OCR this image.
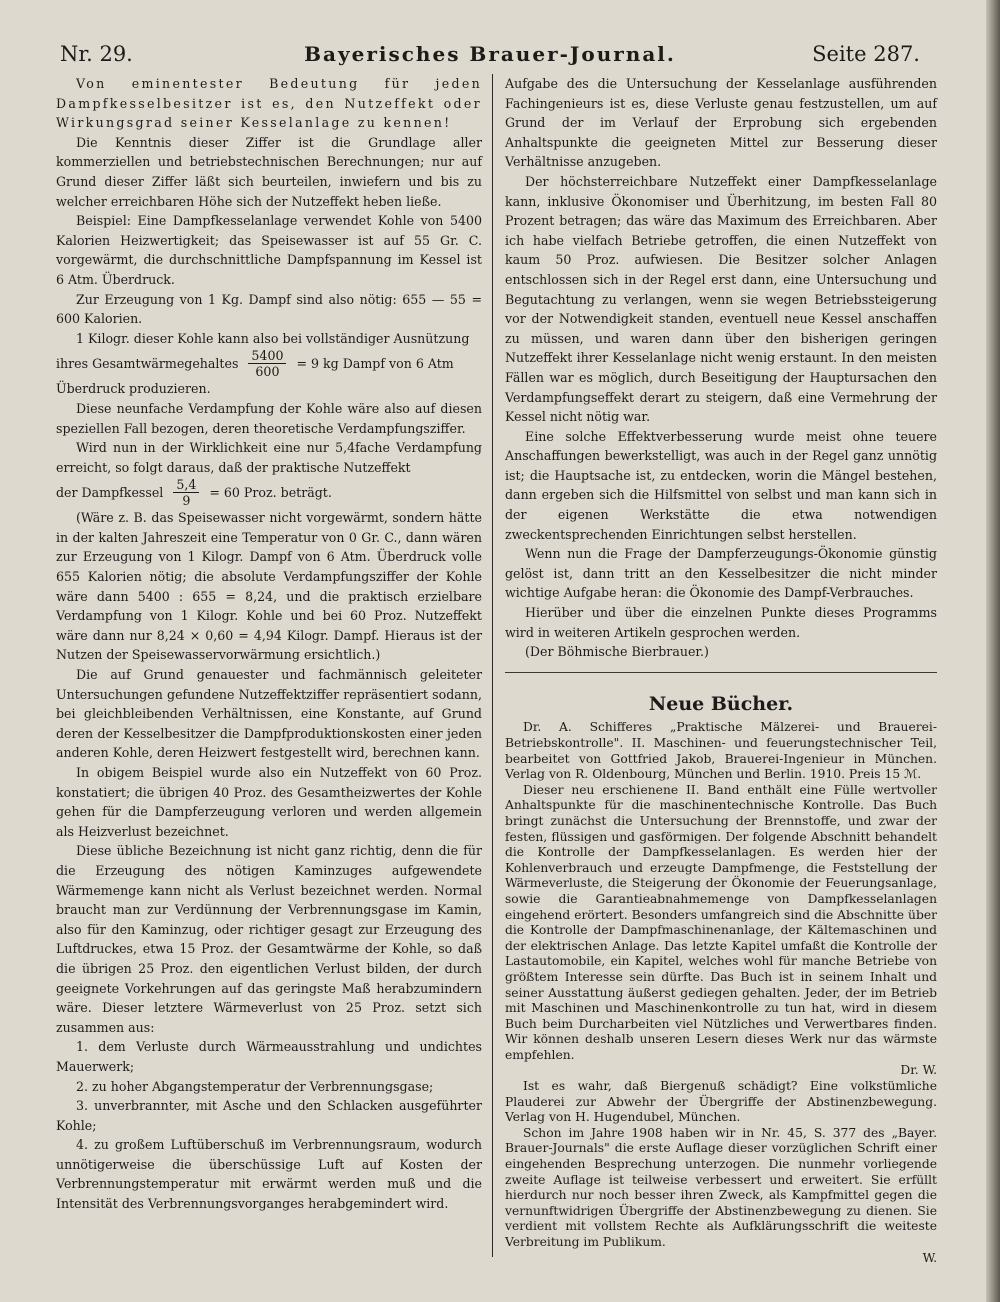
Nr. 29.	Bayerisches Brauer-Journal.	Seite 287.

Von eminentester Bedeutung für jeden Dampfkesselbesitzer ist es, den Nutzeffekt oder Wirkungsgrad seiner Kesselanlage zu kennen!

Die Kenntnis dieser Ziffer ist die Grundlage aller kommerziellen und betriebstechnischen Berechnungen; nur auf Grund dieser Ziffer läßt sich beurteilen, inwiefern und bis zu welcher erreichbaren Höhe sich der Nutzeffekt heben ließe.

Beispiel: Eine Dampfkesselanlage verwendet Kohle von 5400 Kalorien Heizwertigkeit; das Speisewasser ist auf 55 Gr. C. vorgewärmt, die durchschnittliche Dampfspannung im Kessel ist 6 Atm. Überdruck.

Zur Erzeugung von 1 Kg. Dampf sind also nötig: 655 — 55 = 600 Kalorien.

1 Kilogr. dieser Kohle kann also bei vollständiger Ausnützung

ihres Gesamtwärmegehaltes $\frac{5400}{600} = 9$ kg Dampf von 6 Atm

Überdruck produzieren.

Diese neunfache Verdampfung der Kohle wäre also auf diesen speziellen Fall bezogen, deren theoretische Verdampfungsziffer.

Wird nun in der Wirklichkeit eine nur 5,4fache Verdampfung erreicht, so folgt daraus, daß der praktische Nutzeffekt

der Dampfkessel $\frac{5,4}{9} = 60$ Proz. beträgt.

(Wäre z. B. das Speisewasser nicht vorgewärmt, sondern hätte in der kalten Jahreszeit eine Temperatur von 0 Gr. C., dann wären zur Erzeugung von 1 Kilogr. Dampf von 6 Atm. Überdruck volle 655 Kalorien nötig; die absolute Verdampfungsziffer der Kohle wäre dann 5400 : 655 = 8,24, und die praktisch erzielbare Verdampfung von 1 Kilogr. Kohle und bei 60 Proz. Nutzeffekt wäre dann nur 8,24 × 0,60 = 4,94 Kilogr. Dampf. Hieraus ist der Nutzen der Speisewasservorwärmung ersichtlich.)

Die auf Grund genauester und fachmännisch geleiteter Untersuchungen gefundene Nutzeffektziffer repräsentiert sodann, bei gleichbleibenden Verhältnissen, eine Konstante, auf Grund deren der Kesselbesitzer die Dampfproduktionskosten einer jeden anderen Kohle, deren Heizwert festgestellt wird, berechnen kann.

In obigem Beispiel wurde also ein Nutzeffekt von 60 Proz. konstatiert; die übrigen 40 Proz. des Gesamtheizwertes der Kohle gehen für die Dampferzeugung verloren und werden allgemein als Heizverlust bezeichnet.

Diese übliche Bezeichnung ist nicht ganz richtig, denn die für die Erzeugung des nötigen Kaminzuges aufgewendete Wärmemenge kann nicht als Verlust bezeichnet werden. Normal braucht man zur Verdünnung der Verbrennungsgase im Kamin, also für den Kaminzug, oder richtiger gesagt zur Erzeugung des Luftdruckes, etwa 15 Proz. der Gesamtwärme der Kohle, so daß die übrigen 25 Proz. den eigentlichen Verlust bilden, der durch geeignete Vorkehrungen auf das geringste Maß herabzumindern wäre. Dieser letztere Wärmeverlust von 25 Proz. setzt sich zusammen aus:

1. dem Verluste durch Wärmeausstrahlung und undichtes Mauerwerk;

2. zu hoher Abgangstemperatur der Verbrennungsgase;

3. unverbrannter, mit Asche und den Schlacken ausgeführter Kohle;

4. zu großem Luftüberschuß im Verbrennungsraum, wodurch unnötigerweise die überschüssige Luft auf Kosten der Verbrennungstemperatur mit erwärmt werden muß und die Intensität des Verbrennungsvorganges herabgemindert wird.

Aufgabe des die Untersuchung der Kesselanlage ausführenden Fachingenieurs ist es, diese Verluste genau festzustellen, um auf Grund der im Verlauf der Erprobung sich ergebenden Anhaltspunkte die geeigneten Mittel zur Besserung dieser Verhältnisse anzugeben.

Der höchsterreichbare Nutzeffekt einer Dampfkesselanlage kann, inklusive Ökonomiser und Überhitzung, im besten Fall 80 Prozent betragen; das wäre das Maximum des Erreichbaren. Aber ich habe vielfach Betriebe getroffen, die einen Nutzeffekt von kaum 50 Proz. aufwiesen. Die Besitzer solcher Anlagen entschlossen sich in der Regel erst dann, eine Untersuchung und Begutachtung zu verlangen, wenn sie wegen Betriebssteigerung vor der Notwendigkeit standen, eventuell neue Kessel anschaffen zu müssen, und waren dann über den bisherigen geringen Nutzeffekt ihrer Kesselanlage nicht wenig erstaunt. In den meisten Fällen war es möglich, durch Beseitigung der Hauptursachen den Verdampfungseffekt derart zu steigern, daß eine Vermehrung der Kessel nicht nötig war.

Eine solche Effektverbesserung wurde meist ohne teuere Anschaffungen bewerkstelligt, was auch in der Regel ganz unnötig ist; die Hauptsache ist, zu entdecken, worin die Mängel bestehen, dann ergeben sich die Hilfsmittel von selbst und man kann sich in der eigenen Werkstätte die etwa notwendigen zweckentsprechenden Einrichtungen selbst herstellen.

Wenn nun die Frage der Dampferzeugungs-Ökonomie günstig gelöst ist, dann tritt an den Kesselbesitzer die nicht minder wichtige Aufgabe heran: die Ökonomie des Dampf-Verbrauches.

Hierüber und über die einzelnen Punkte dieses Programms wird in weiteren Artikeln gesprochen werden.

(Der Böhmische Bierbrauer.)

Neue Bücher.

Dr. A. Schifferes „Praktische Mälzerei- und Brauerei-Betriebskontrolle". II. Maschinen- und feuerungstechnischer Teil, bearbeitet von Gottfried Jakob, Brauerei-Ingenieur in München. Verlag von R. Oldenbourg, München und Berlin. 1910. Preis 15 ℳ.

Dieser neu erschienene II. Band enthält eine Fülle wertvoller Anhaltspunkte für die maschinentechnische Kontrolle. Das Buch bringt zunächst die Untersuchung der Brennstoffe, und zwar der festen, flüssigen und gasförmigen. Der folgende Abschnitt behandelt die Kontrolle der Dampfkesselanlagen. Es werden hier der Kohlenverbrauch und erzeugte Dampfmenge, die Feststellung der Wärmeverluste, die Steigerung der Ökonomie der Feuerungsanlage, sowie die Garantieabnahmemenge von Dampfkesselanlagen eingehend erörtert. Besonders umfangreich sind die Abschnitte über die Kontrolle der Dampfmaschinenanlage, der Kältemaschinen und der elektrischen Anlage. Das letzte Kapitel umfaßt die Kontrolle der Lastautomobile, ein Kapitel, welches wohl für manche Betriebe von größtem Interesse sein dürfte. Das Buch ist in seinem Inhalt und seiner Ausstattung äußerst gediegen gehalten. Jeder, der im Betrieb mit Maschinen und Maschinenkontrolle zu tun hat, wird in diesem Buch beim Durcharbeiten viel Nützliches und Verwertbares finden. Wir können deshalb unseren Lesern dieses Werk nur das wärmste empfehlen.

Dr. W.

Ist es wahr, daß Biergenuß schädigt? Eine volkstümliche Plauderei zur Abwehr der Übergriffe der Abstinenzbewegung. Verlag von H. Hugendubel, München.

Schon im Jahre 1908 haben wir in Nr. 45, S. 377 des „Bayer. Brauer-Journals" die erste Auflage dieser vorzüglichen Schrift einer eingehenden Besprechung unterzogen. Die nunmehr vorliegende zweite Auflage ist teilweise verbessert und erweitert. Sie erfüllt hierdurch nur noch besser ihren Zweck, als Kampfmittel gegen die vernunftwidrigen Übergriffe der Abstinenzbewegung zu dienen. Sie verdient mit vollstem Rechte als Aufklärungsschrift die weiteste Verbreitung im Publikum.

W.
